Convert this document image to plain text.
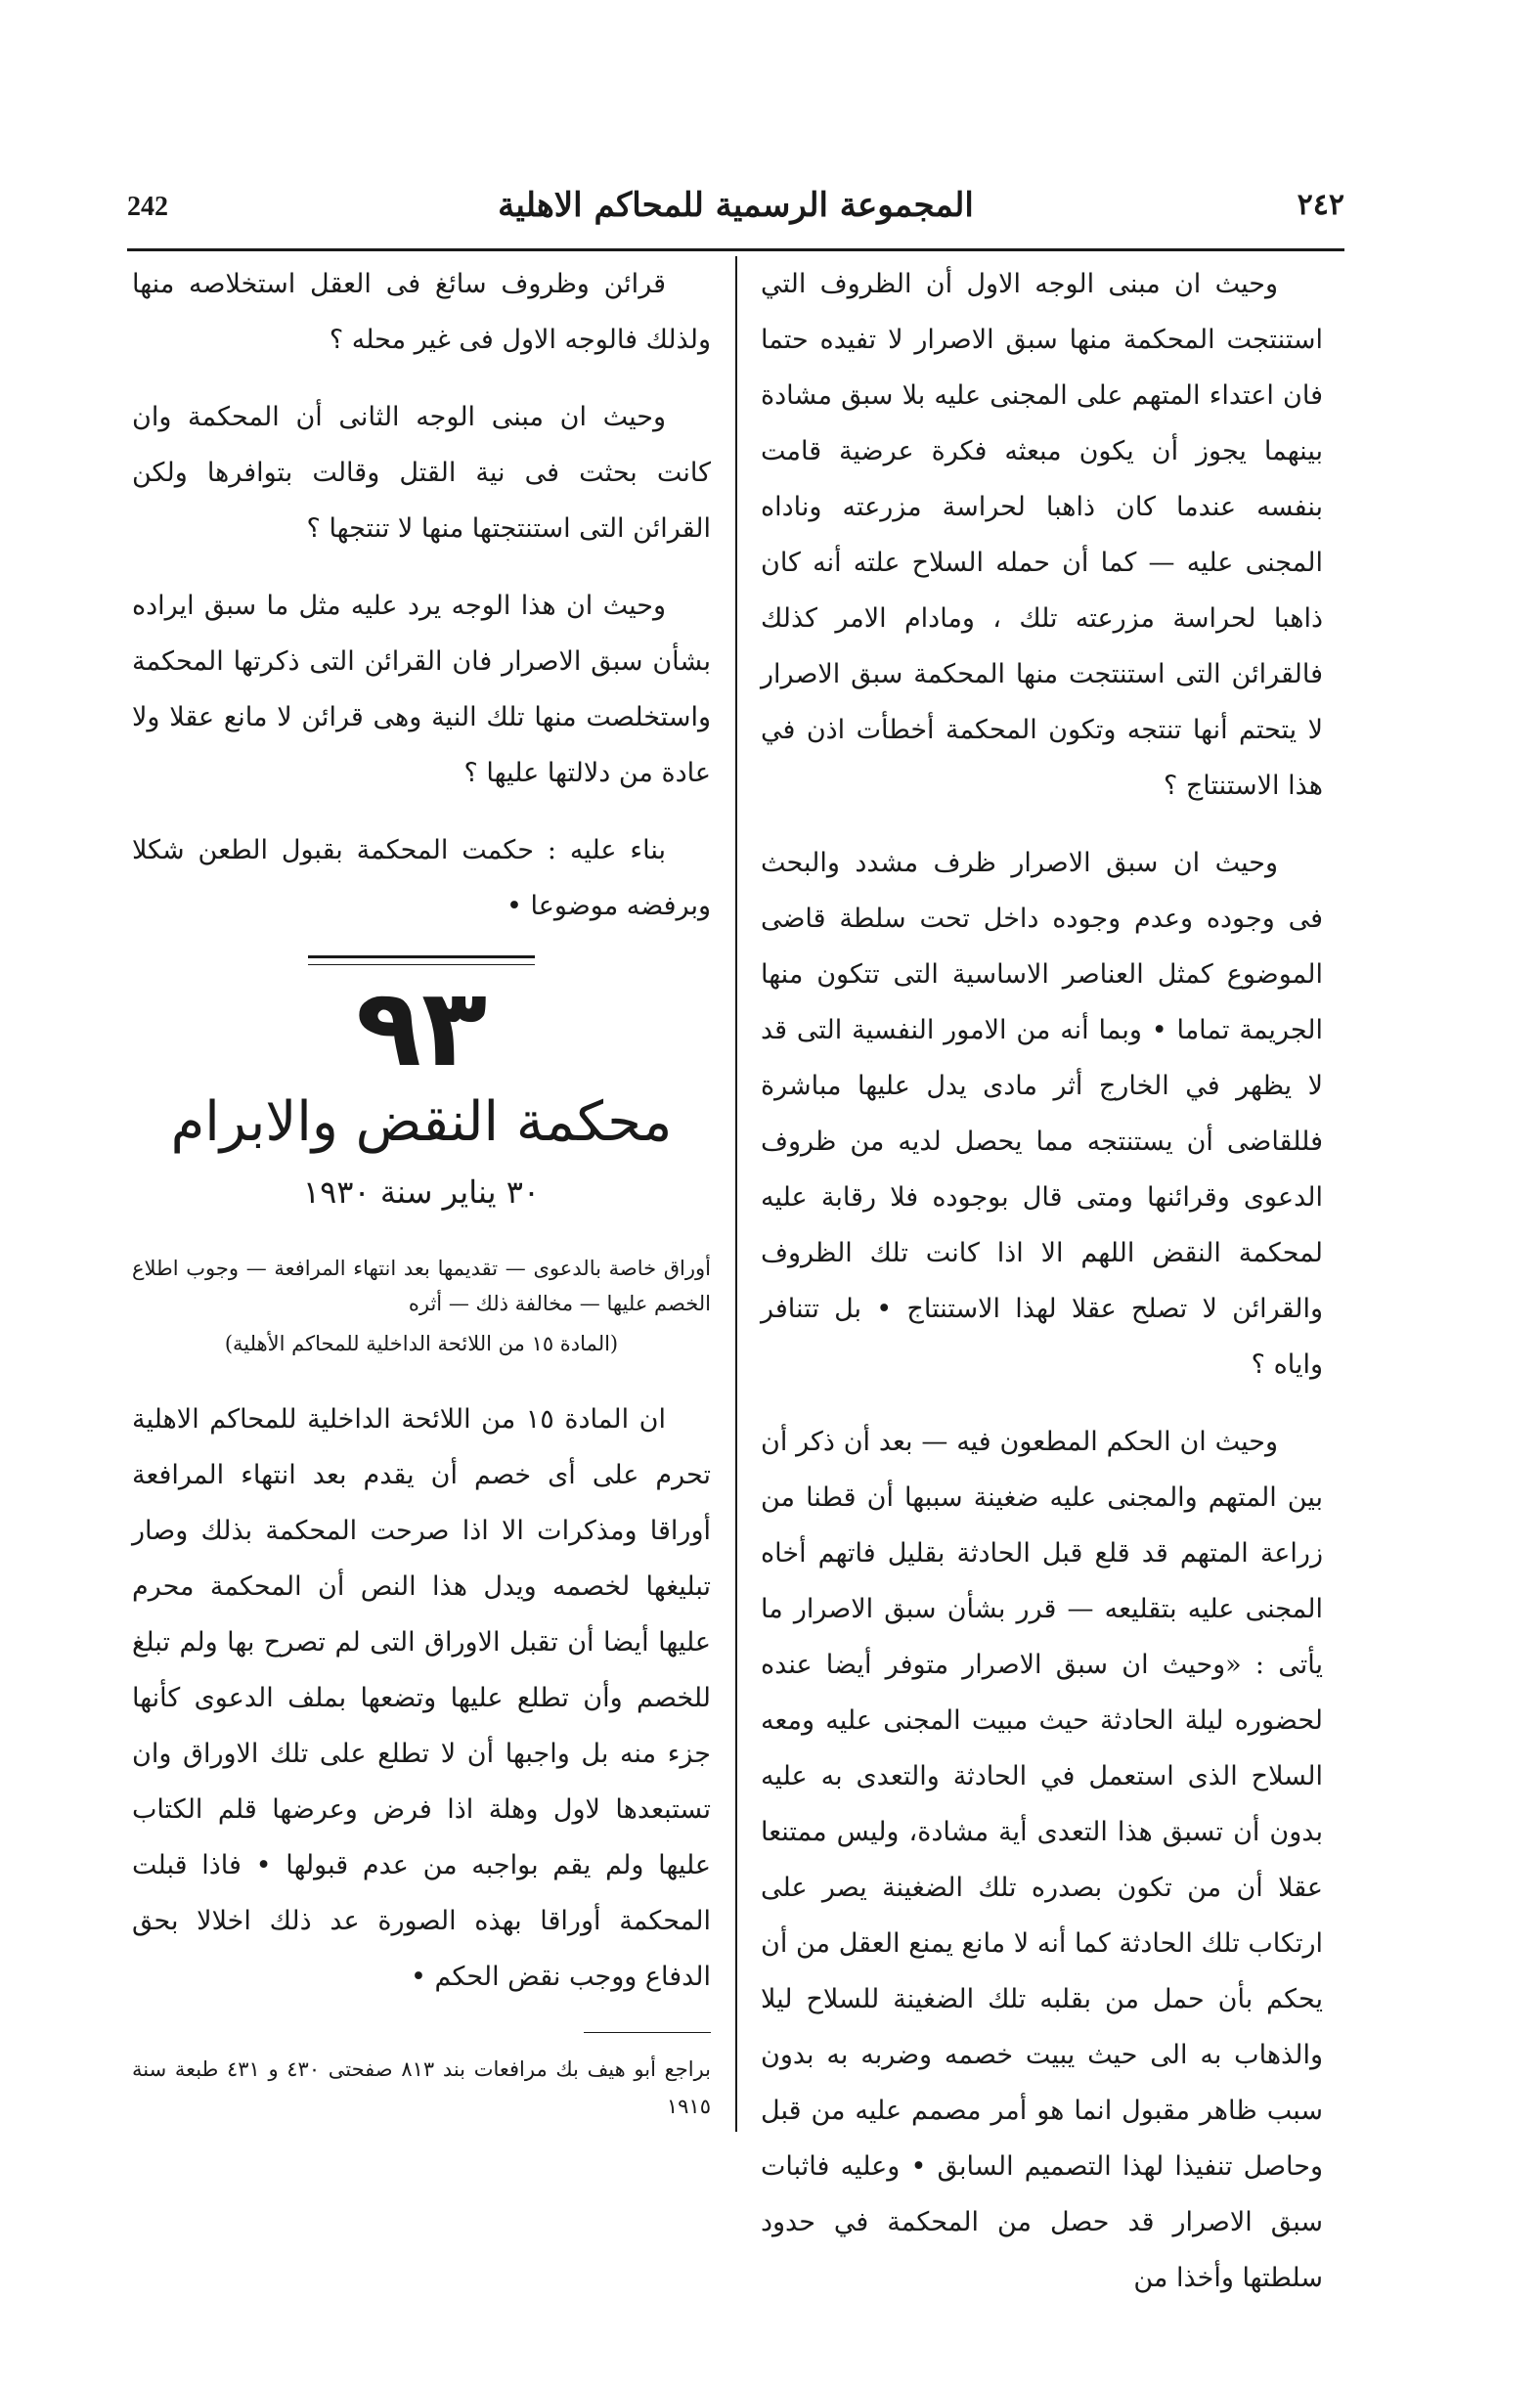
٢٤٢
المجموعة الرسمية للمحاكم الاهلية
242

وحيث ان مبنى الوجه الاول أن الظروف التي استنتجت المحكمة منها سبق الاصرار لا تفيده حتما فان اعتداء المتهم على المجنى عليه بلا سبق مشادة بينهما يجوز أن يكون مبعثه فكرة عرضية قامت بنفسه عندما كان ذاهبا لحراسة مزرعته وناداه المجنى عليه — كما أن حمله السلاح علته أنه كان ذاهبا لحراسة مزرعته تلك ، ومادام الامر كذلك فالقرائن التى استنتجت منها المحكمة سبق الاصرار لا يتحتم أنها تنتجه وتكون المحكمة أخطأت اذن في هذا الاستنتاج ؟

وحيث ان سبق الاصرار ظرف مشدد والبحث فى وجوده وعدم وجوده داخل تحت سلطة قاضى الموضوع كمثل العناصر الاساسية التى تتكون منها الجريمة تماما • وبما أنه من الامور النفسية التى قد لا يظهر في الخارج أثر مادى يدل عليها مباشرة فللقاضى أن يستنتجه مما يحصل لديه من ظروف الدعوى وقرائنها ومتى قال بوجوده فلا رقابة عليه لمحكمة النقض اللهم الا اذا كانت تلك الظروف والقرائن لا تصلح عقلا لهذا الاستنتاج • بل تتنافر واياه ؟

وحيث ان الحكم المطعون فيه — بعد أن ذكر أن بين المتهم والمجنى عليه ضغينة سببها أن قطنا من زراعة المتهم قد قلع قبل الحادثة بقليل فاتهم أخاه المجنى عليه بتقليعه — قرر بشأن سبق الاصرار ما يأتى : «وحيث ان سبق الاصرار متوفر أيضا عنده لحضوره ليلة الحادثة حيث مبيت المجنى عليه ومعه السلاح الذى استعمل في الحادثة والتعدى به عليه بدون أن تسبق هذا التعدى أية مشادة، وليس ممتنعا عقلا أن من تكون بصدره تلك الضغينة يصر على ارتكاب تلك الحادثة كما أنه لا مانع يمنع العقل من أن يحكم بأن حمل من بقلبه تلك الضغينة للسلاح ليلا والذهاب به الى حيث يبيت خصمه وضربه به بدون سبب ظاهر مقبول انما هو أمر مصمم عليه من قبل وحاصل تنفيذا لهذا التصميم السابق • وعليه فاثبات سبق الاصرار قد حصل من المحكمة في حدود سلطتها وأخذا من

قرائن وظروف سائغ فى العقل استخلاصه منها ولذلك فالوجه الاول فى غير محله ؟

وحيث ان مبنى الوجه الثانى أن المحكمة وان كانت بحثت فى نية القتل وقالت بتوافرها ولكن القرائن التى استنتجتها منها لا تنتجها ؟

وحيث ان هذا الوجه يرد عليه مثل ما سبق ايراده بشأن سبق الاصرار فان القرائن التى ذكرتها المحكمة واستخلصت منها تلك النية وهى قرائن لا مانع عقلا ولا عادة من دلالتها عليها ؟

بناء عليه : حكمت المحكمة بقبول الطعن شكلا وبرفضه موضوعا •

٩٣
محكمة النقض والابرام
٣٠ يناير سنة ١٩٣٠

أوراق خاصة بالدعوى — تقديمها بعد انتهاء المرافعة — وجوب اطلاع الخصم عليها — مخالفة ذلك — أثره

(المادة ١٥ من اللائحة الداخلية للمحاكم الأهلية)

ان المادة ١٥ من اللائحة الداخلية للمحاكم الاهلية تحرم على أى خصم أن يقدم بعد انتهاء المرافعة أوراقا ومذكرات الا اذا صرحت المحكمة بذلك وصار تبليغها لخصمه ويدل هذا النص أن المحكمة محرم عليها أيضا أن تقبل الاوراق التى لم تصرح بها ولم تبلغ للخصم وأن تطلع عليها وتضعها بملف الدعوى كأنها جزء منه بل واجبها أن لا تطلع على تلك الاوراق وان تستبعدها لاول وهلة اذا فرض وعرضها قلم الكتاب عليها ولم يقم بواجبه من عدم قبولها • فاذا قبلت المحكمة أوراقا بهذه الصورة عد ذلك اخلالا بحق الدفاع ووجب نقض الحكم •

براجع أبو هيف بك مرافعات بند ٨١٣ صفحتى ٤٣٠ و ٤٣١ طبعة سنة ١٩١٥
